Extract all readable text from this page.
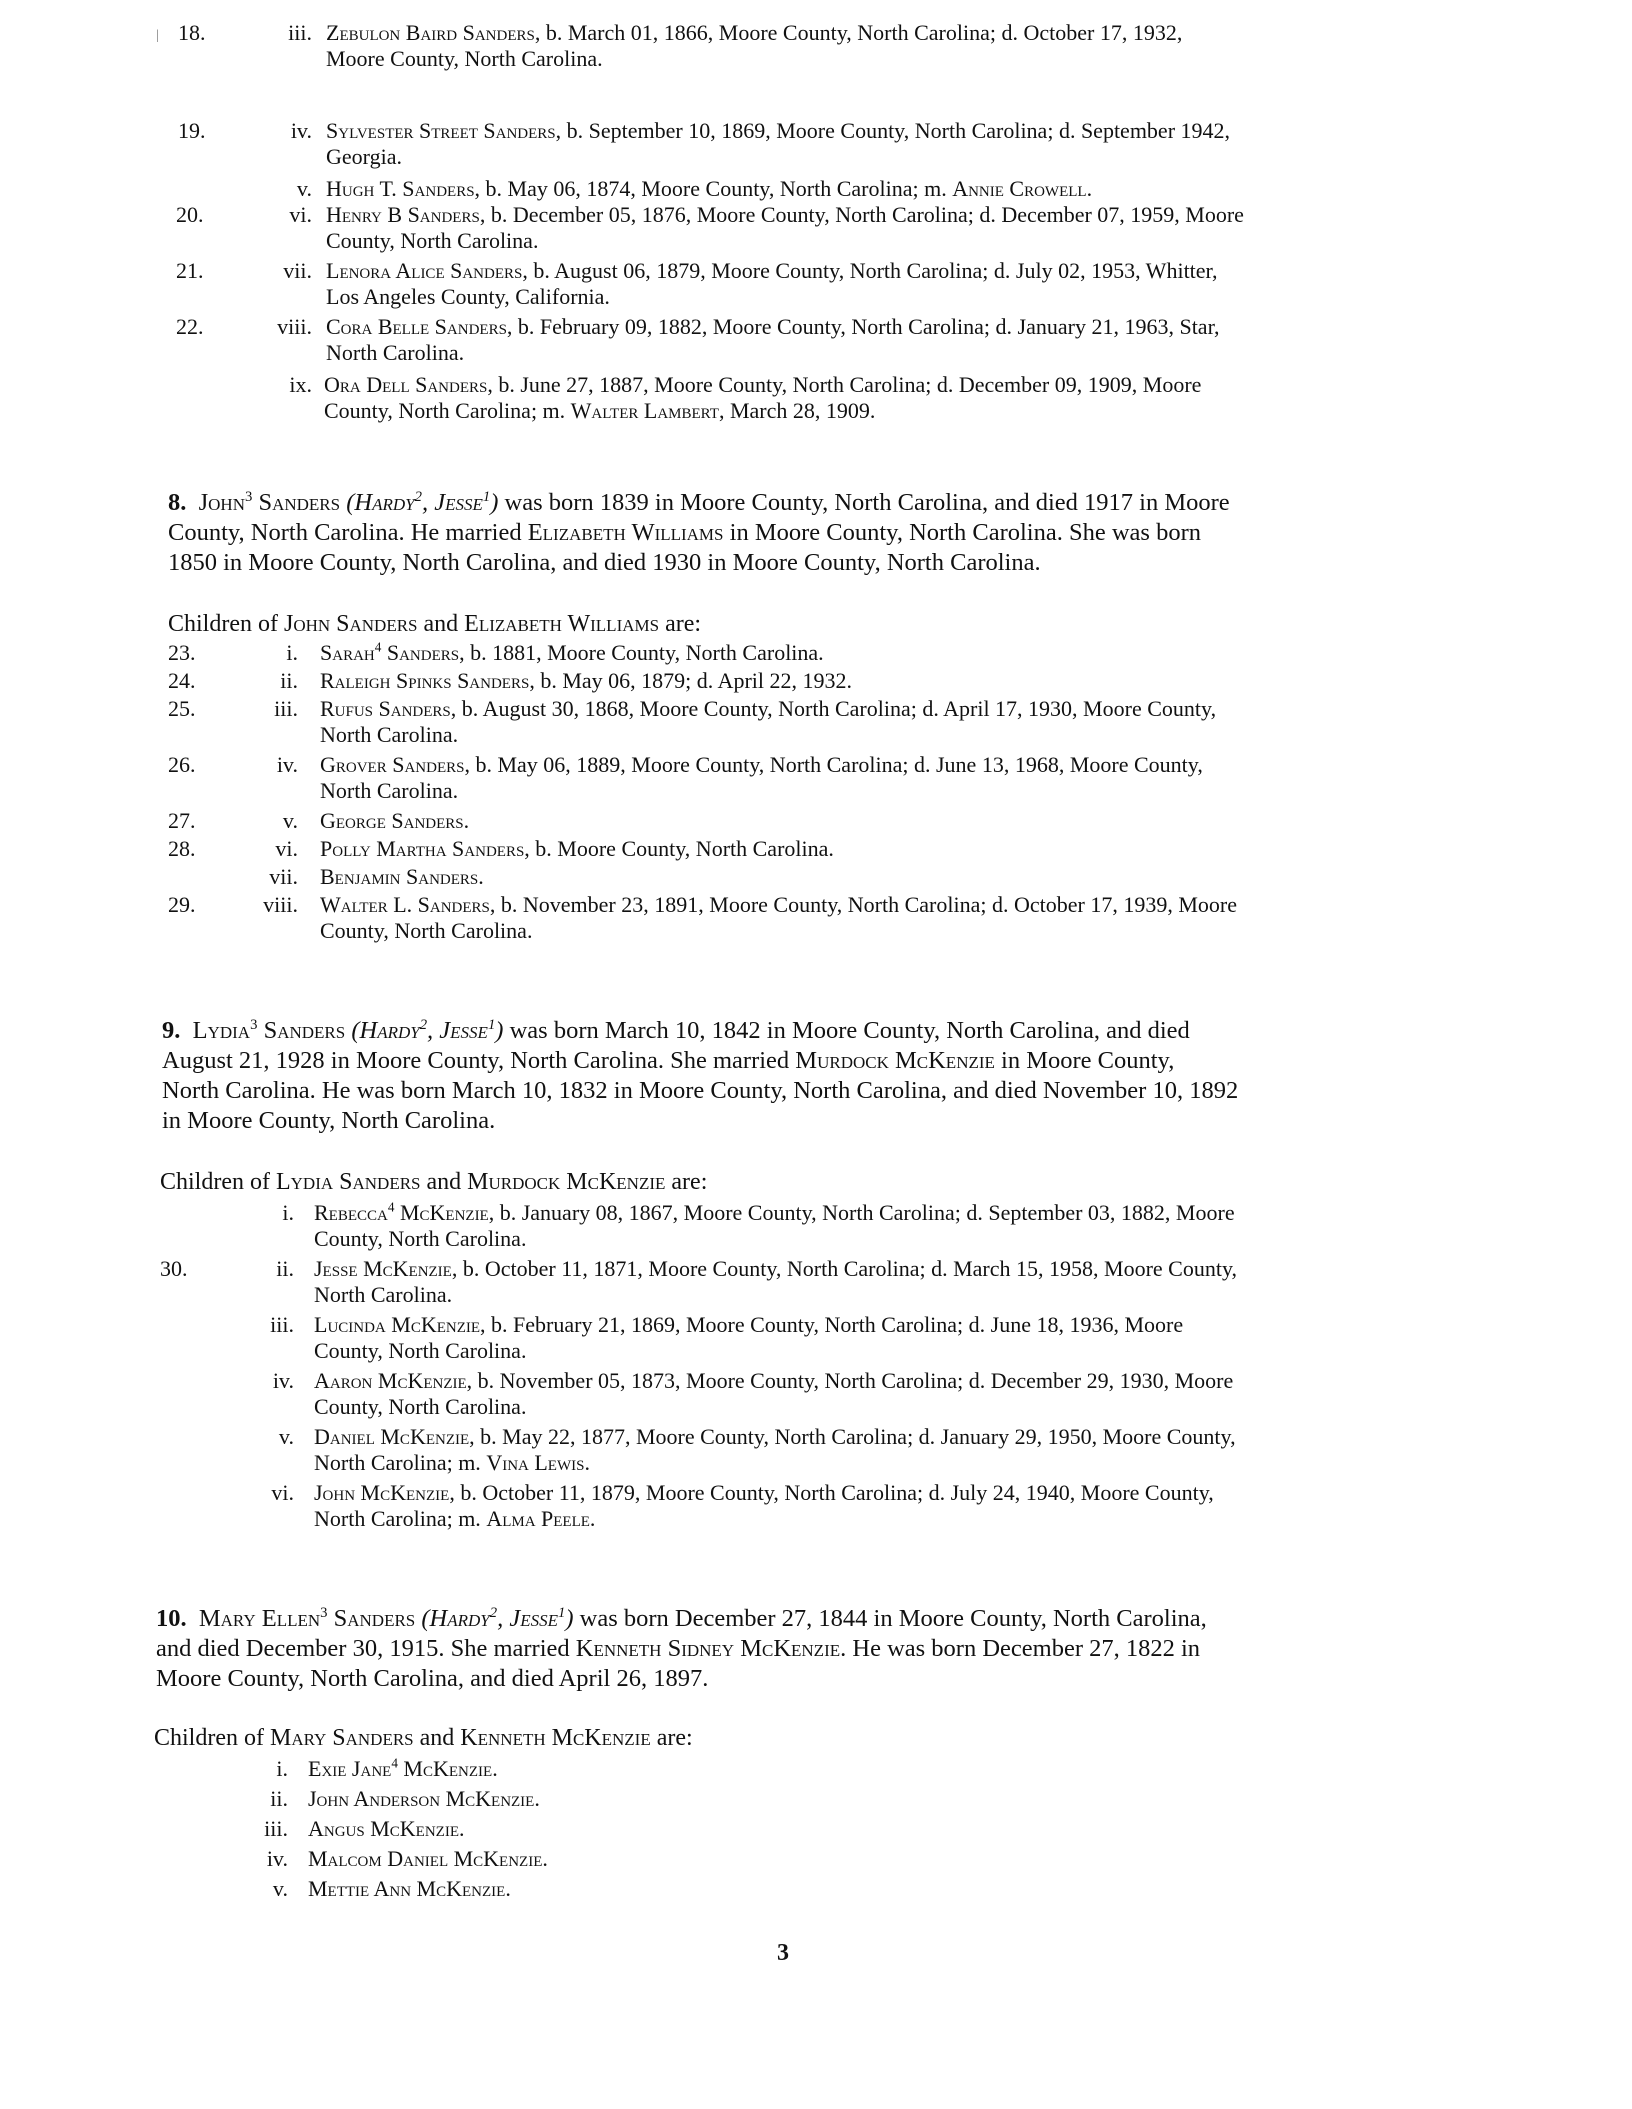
| 18.	iii. Zebulon Baird Sanders, b. March 01, 1866, Moore County, North Carolina; d. October 17, 1932,
Moore County, North Carolina.
19.	iv. Sylvester Street Sanders, b. September 10, 1869, Moore County, North Carolina; d. September 1942,
Georgia.
v. Hugh T. Sanders, b. May 06, 1874, Moore County, North Carolina; m. Annie Crowell.
20.	vi. Henry B Sanders, b. December 05, 1876, Moore County, North Carolina; d. December 07, 1959, Moore
County, North Carolina.
21.	vii. Lenora Alice Sanders, b. August 06, 1879, Moore County, North Carolina; d. July 02, 1953, Whitter,
Los Angeles County, California.
22.	viii. Cora Belle Sanders, b. February 09, 1882, Moore County, North Carolina; d. January 21, 1963, Star,
North Carolina.
ix. Ora Dell Sanders, b. June 27, 1887, Moore County, North Carolina; d. December 09, 1909, Moore
County, North Carolina; m. Walter Lambert, March 28, 1909.
8. John$^3$ Sanders (Hardy$^2$, Jesse$^1$) was born 1839 in Moore County, North Carolina, and died 1917 in Moore
County, North Carolina. He married Elizabeth Williams in Moore County, North Carolina. She was born
1850 in Moore County, North Carolina, and died 1930 in Moore County, North Carolina.
Children of John Sanders and Elizabeth Williams are:
23.	i. Sarah$^4$ Sanders, b. 1881, Moore County, North Carolina.
24.	ii. Raleigh Spinks Sanders, b. May 06, 1879; d. April 22, 1932.
25.	iii. Rufus Sanders, b. August 30, 1868, Moore County, North Carolina; d. April 17, 1930, Moore County,
North Carolina.
26.	iv. Grover Sanders, b. May 06, 1889, Moore County, North Carolina; d. June 13, 1968, Moore County,
North Carolina.
27.	v. George Sanders.
28.	vi. Polly Martha Sanders, b. Moore County, North Carolina.
vii. Benjamin Sanders.
29.	viii. Walter L. Sanders, b. November 23, 1891, Moore County, North Carolina; d. October 17, 1939, Moore
County, North Carolina.
9. Lydia$^3$ Sanders (Hardy$^2$, Jesse$^1$) was born March 10, 1842 in Moore County, North Carolina, and died
August 21, 1928 in Moore County, North Carolina. She married Murdock McKenzie in Moore County,
North Carolina. He was born March 10, 1832 in Moore County, North Carolina, and died November 10, 1892
in Moore County, North Carolina.
Children of Lydia Sanders and Murdock McKenzie are:
i. Rebecca$^4$ McKenzie, b. January 08, 1867, Moore County, North Carolina; d. September 03, 1882, Moore
County, North Carolina.
30.	ii. Jesse McKenzie, b. October 11, 1871, Moore County, North Carolina; d. March 15, 1958, Moore County,
North Carolina.
iii. Lucinda McKenzie, b. February 21, 1869, Moore County, North Carolina; d. June 18, 1936, Moore
County, North Carolina.
iv. Aaron McKenzie, b. November 05, 1873, Moore County, North Carolina; d. December 29, 1930, Moore
County, North Carolina.
v. Daniel McKenzie, b. May 22, 1877, Moore County, North Carolina; d. January 29, 1950, Moore County,
North Carolina; m. Vina Lewis.
vi. John McKenzie, b. October 11, 1879, Moore County, North Carolina; d. July 24, 1940, Moore County,
North Carolina; m. Alma Peele.
10. Mary Ellen$^3$ Sanders (Hardy$^2$, Jesse$^1$) was born December 27, 1844 in Moore County, North Carolina,
and died December 30, 1915. She married Kenneth Sidney McKenzie. He was born December 27, 1822 in
Moore County, North Carolina, and died April 26, 1897.
Children of Mary Sanders and Kenneth McKenzie are:
i. Exie Jane$^4$ McKenzie.
ii. John Anderson McKenzie.
iii. Angus McKenzie.
iv. Malcom Daniel McKenzie.
v. Mettie Ann McKenzie.
3
